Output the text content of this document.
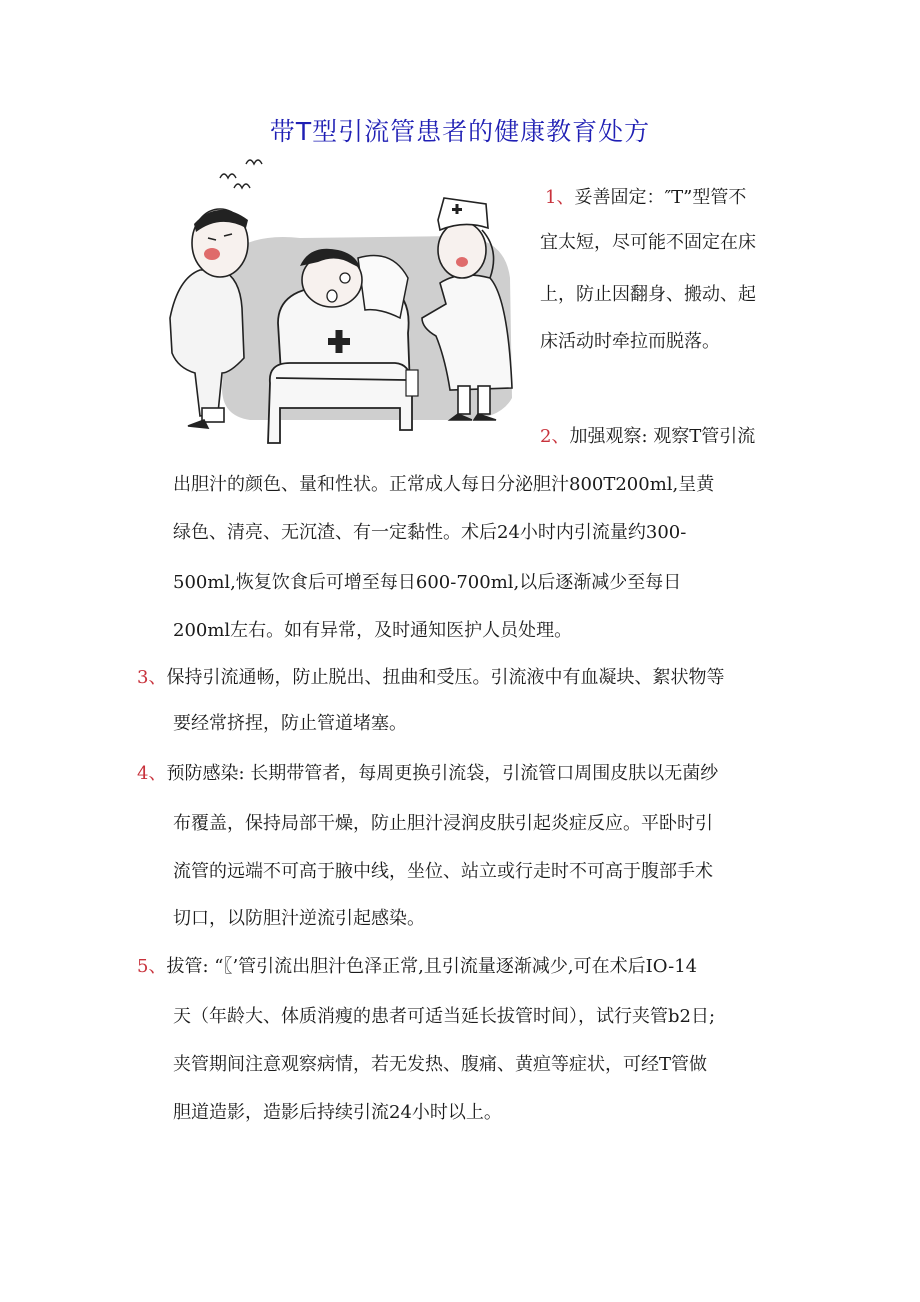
带T型引流管患者的健康教育处方
1、妥善固定：″T”型管不
宜太短，尽可能不固定在床
上，防止因翻身、搬动、起
床活动时牵拉而脱落。
2、加强观察: 观察T管引流
出胆汁的颜色、量和性状。正常成人每日分泌胆汁800T200ml,呈黄
绿色、清亮、无沉渣、有一定黏性。术后24小时内引流量约300-
500ml,恢复饮食后可增至每日600-700ml,以后逐渐减少至每日
200ml左右。如有异常，及时通知医护人员处理。
3、保持引流通畅，防止脱出、扭曲和受压。引流液中有血凝块、絮状物等
要经常挤捏，防止管道堵塞。
4、预防感染: 长期带管者，每周更换引流袋，引流管口周围皮肤以无菌纱
布覆盖，保持局部干燥，防止胆汁浸润皮肤引起炎症反应。平卧时引
流管的远端不可高于腋中线，坐位、站立或行走时不可高于腹部手术
切口，以防胆汁逆流引起感染。
5、拔管: “〖’管引流出胆汁色泽正常,且引流量逐渐减少,可在术后IO-14
天（年龄大、体质消瘦的患者可适当延长拔管时间），试行夹管b2日;
夹管期间注意观察病情，若无发热、腹痛、黄疸等症状，可经T管做
胆道造影，造影后持续引流24小时以上。
